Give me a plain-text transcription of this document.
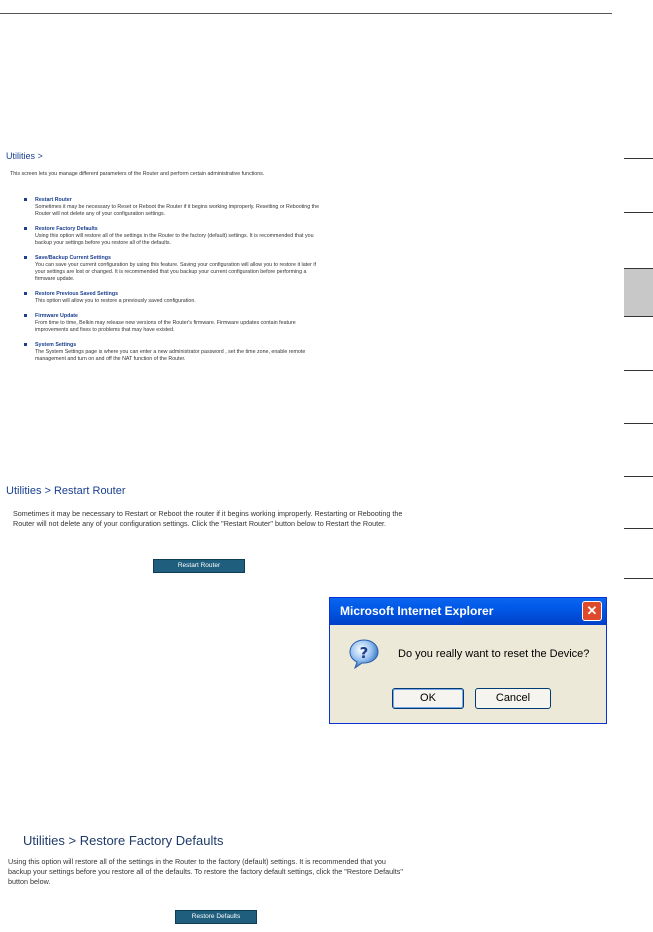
Utilities >
This screen lets you manage different parameters of the Router and perform certain administrative functions.
Restart Router
Sometimes it may be necessary to Reset or Reboot the Router if it begins working improperly. Resetting or Rebooting the Router will not delete any of your configuration settings.
Restore Factory Defaults
Using this option will restore all of the settings in the Router to the factory (default) settings. It is recommended that you backup your settings before you restore all of the defaults.
Save/Backup Current Settings
You can save your current configuration by using this feature. Saving your configuration will allow you to restore it later if your settings are lost or changed. It is recommended that you backup your current configuration before performing a firmware update.
Restore Previous Saved Settings
This option will allow you to restore a previously saved configuration.
Firmware Update
From time to time, Belkin may release new versions of the Router's firmware. Firmware updates contain feature improvements and fixes to problems that may have existed.
System Settings
The System Settings page is where you can enter a new administrator password , set the time zone, enable remote management and turn on and off the NAT function of the Router.
Utilities > Restart Router
Sometimes it may be necessary to Restart or Reboot the router if it begins working improperly. Restarting or Rebooting the Router will not delete any of your configuration settings. Click the "Restart Router" button below to Restart the Router.
Restart Router
Microsoft Internet Explorer	✕
?	Do you really want to reset the Device?
OK	Cancel
Utilities > Restore Factory Defaults
Using this option will restore all of the settings in the Router to the factory (default) settings. It is recommended that you backup your settings before you restore all of the defaults. To restore the factory default settings, click the "Restore Defaults" button below.
Restore Defaults
